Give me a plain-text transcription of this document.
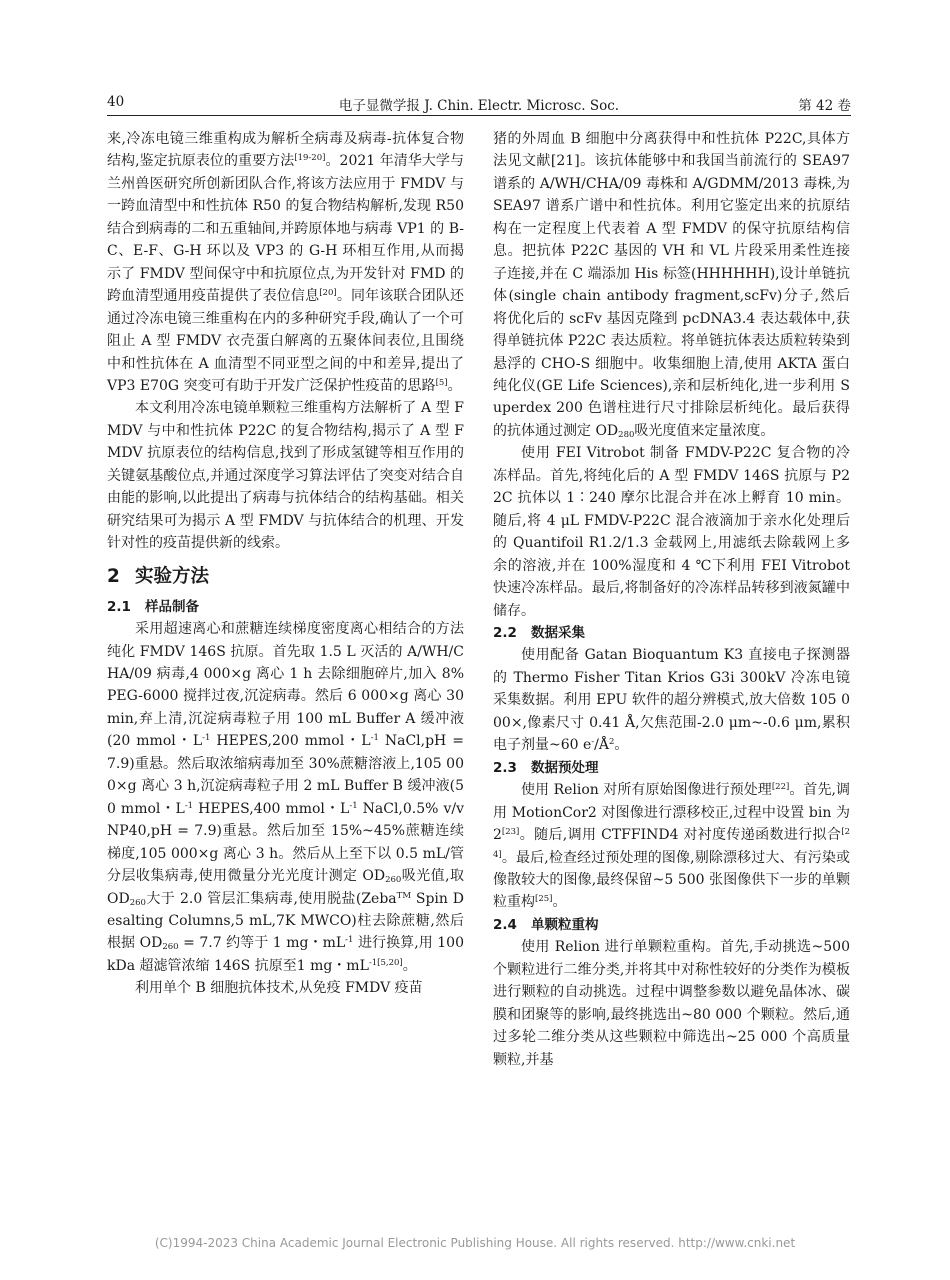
40	电子显微学报 J. Chin. Electr. Microsc. Soc.	第 42 卷
来,冷冻电镜三维重构成为解析全病毒及病毒-抗体复合物结构,鉴定抗原表位的重要方法[19-20]。2021 年清华大学与兰州兽医研究所创新团队合作,将该方法应用于 FMDV 与一跨血清型中和性抗体 R50 的复合物结构解析,发现 R50 结合到病毒的二和五重轴间,并跨原体地与病毒 VP1 的 B-C、E-F、G-H 环以及 VP3 的 G-H 环相互作用,从而揭示了 FMDV 型间保守中和抗原位点,为开发针对 FMD 的跨血清型通用疫苗提供了表位信息[20]。同年该联合团队还通过冷冻电镜三维重构在内的多种研究手段,确认了一个可阻止 A 型 FMDV 衣壳蛋白解离的五聚体间表位,且围绕中和性抗体在 A 血清型不同亚型之间的中和差异,提出了 VP3 E70G 突变可有助于开发广泛保护性疫苗的思路[5]。
本文利用冷冻电镜单颗粒三维重构方法解析了 A 型 FMDV 与中和性抗体 P22C 的复合物结构,揭示了 A 型 FMDV 抗原表位的结构信息,找到了形成氢键等相互作用的关键氨基酸位点,并通过深度学习算法评估了突变对结合自由能的影响,以此提出了病毒与抗体结合的结构基础。相关研究结果可为揭示 A 型 FMDV 与抗体结合的机理、开发针对性的疫苗提供新的线索。
2 实验方法
2.1 样品制备
采用超速离心和蔗糖连续梯度密度离心相结合的方法纯化 FMDV 146S 抗原。首先取 1.5 L 灭活的 A/WH/CHA/09 病毒,4 000×g 离心 1 h 去除细胞碎片,加入 8% PEG-6000 搅拌过夜,沉淀病毒。然后 6 000×g 离心 30 min,弃上清,沉淀病毒粒子用 100 mL Buffer A 缓冲液(20 mmol・$L^{-1}$ HEPES,200 mmol・$L^{-1}$ NaCl,pH = 7.9)重悬。然后取浓缩病毒加至 30%蔗糖溶液上,105 000×g 离心 3 h,沉淀病毒粒子用 2 mL Buffer B 缓冲液(50 mmol・$L^{-1}$ HEPES,400 mmol・$L^{-1}$ NaCl,0.5% v/v NP40,pH = 7.9)重悬。然后加至 15%~45%蔗糖连续梯度,105 000×g 离心 3 h。然后从上至下以 0.5 mL/管分层收集病毒,使用微量分光光度计测定 $OD_{260}$吸光值,取 $OD_{260}$大于 2.0 管层汇集病毒,使用脱盐(Zeba™ Spin Desalting Columns,5 mL,7K MWCO)柱去除蔗糖,然后根据 $OD_{260} = 7.7$ 约等于 1 mg・$mL^{-1}$ 进行换算,用 100 kDa 超滤管浓缩 146S 抗原至1 mg・$mL^{-1[5,20]}$。
利用单个 B 细胞抗体技术,从免疫 FMDV 疫苗
猪的外周血 B 细胞中分离获得中和性抗体 P22C,具体方法见文献[21]。该抗体能够中和我国当前流行的 SEA97 谱系的 A/WH/CHA/09 毒株和 A/GDMM/2013 毒株,为 SEA97 谱系广谱中和性抗体。利用它鉴定出来的抗原结构在一定程度上代表着 A 型 FMDV 的保守抗原结构信息。把抗体 P22C 基因的 VH 和 VL 片段采用柔性连接子连接,并在 C 端添加 His 标签(HHHHHH),设计单链抗体(single chain antibody fragment,scFv)分子,然后将优化后的 scFv 基因克隆到 pcDNA3.4 表达载体中,获得单链抗体 P22C 表达质粒。将单链抗体表达质粒转染到悬浮的 CHO-S 细胞中。收集细胞上清,使用 AKTA 蛋白纯化仪(GE Life Sciences),亲和层析纯化,进一步利用 Superdex 200 色谱柱进行尺寸排除层析纯化。最后获得的抗体通过测定 $OD_{280}$吸光度值来定量浓度。
使用 FEI Vitrobot 制备 FMDV-P22C 复合物的冷冻样品。首先,将纯化后的 A 型 FMDV 146S 抗原与 P22C 抗体以 1∶240 摩尔比混合并在冰上孵育 10 min。随后,将 4 μL FMDV-P22C 混合液滴加于亲水化处理后的 Quantifoil R1.2/1.3 金载网上,用滤纸去除载网上多余的溶液,并在 100%湿度和 4 ℃下利用 FEI Vitrobot 快速冷冻样品。最后,将制备好的冷冻样品转移到液氮罐中储存。
2.2 数据采集
使用配备 Gatan Bioquantum K3 直接电子探测器的 Thermo Fisher Titan Krios G3i 300kV 冷冻电镜采集数据。利用 EPU 软件的超分辨模式,放大倍数 105 000×,像素尺寸 0.41 Å,欠焦范围-2.0 μm~-0.6 μm,累积电子剂量~60 $e^-/Å^2$。
2.3 数据预处理
使用 Relion 对所有原始图像进行预处理[22]。首先,调用 MotionCor2 对图像进行漂移校正,过程中设置 bin 为 2[23]。随后,调用 CTFFIND4 对衬度传递函数进行拟合[24]。最后,检查经过预处理的图像,剔除漂移过大、有污染或像散较大的图像,最终保留~5 500 张图像供下一步的单颗粒重构[25]。
2.4 单颗粒重构
使用 Relion 进行单颗粒重构。首先,手动挑选~500 个颗粒进行二维分类,并将其中对称性较好的分类作为模板进行颗粒的自动挑选。过程中调整参数以避免晶体冰、碳膜和团聚等的影响,最终挑选出~80 000 个颗粒。然后,通过多轮二维分类从这些颗粒中筛选出~25 000 个高质量颗粒,并基
(C)1994-2023 China Academic Journal Electronic Publishing House. All rights reserved. http://www.cnki.net
